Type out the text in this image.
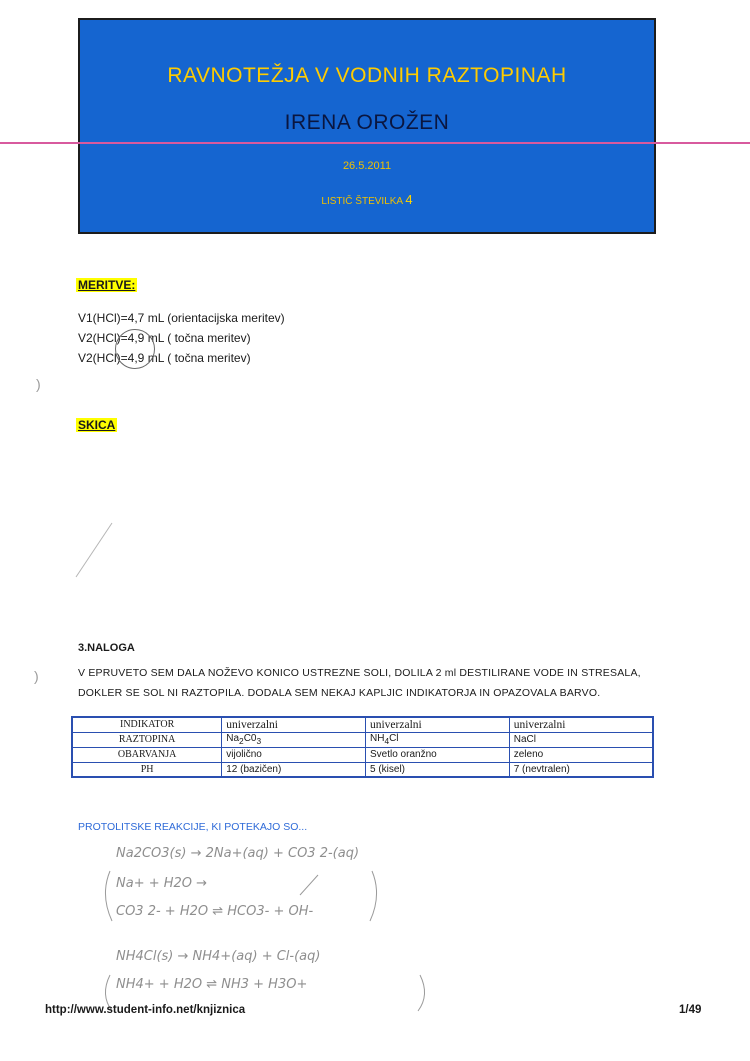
RAVNOTEŽJA V VODNIH RAZTOPINAH
IRENA OROŽEN
26.5.2011
LISTIČ ŠTEVILKA 4
MERITVE:
V1(HCl)=4,7 mL (orientacijska meritev)
V2(HCl)=4,9 mL ( točna meritev)
V2(HCl)=4,9 mL ( točna meritev)
)
SKICA
3.NALOGA
)	V EPRUVETO SEM DALA NOŽEVO KONICO USTREZNE SOLI, DOLILA 2 ml DESTILIRANE VODE IN STRESALA,
DOKLER SE SOL NI RAZTOPILA. DODALA SEM NEKAJ KAPLJIC INDIKATORJA IN OPAZOVALA BARVO.
INDIKATOR	univerzalni	univerzalni	univerzalni
RAZTOPINA	$Na_2C0_3$	$NH_4Cl$	NaCl
OBARVANJA	vijolično	Svetlo oranžno	zeleno
PH	12 (bazičen)	5 (kisel)	7 (nevtralen)
PROTOLITSKE REAKCIJE, KI POTEKAJO SO...
Na2CO3(s) → 2Na+(aq) + CO3 2-(aq)
Na+ + H2O →
CO3 2- + H2O ⇌ HCO3- + OH-
NH4Cl(s) → NH4+(aq) + Cl-(aq)
NH4+ + H2O ⇌ NH3 + H3O+
http://www.student-info.net/knjiznica	1/49
